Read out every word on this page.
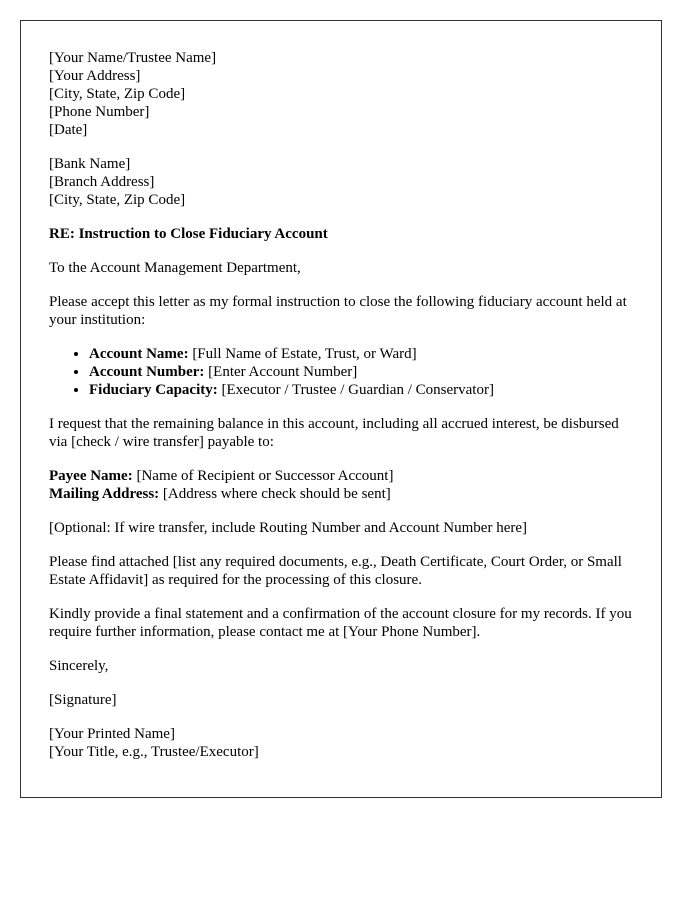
[Your Name/Trustee Name]
[Your Address]
[City, State, Zip Code]
[Phone Number]
[Date]

[Bank Name]
[Branch Address]
[City, State, Zip Code]

RE: Instruction to Close Fiduciary Account

To the Account Management Department,

Please accept this letter as my formal instruction to close the following fiduciary account held at your institution:

• Account Name: [Full Name of Estate, Trust, or Ward]
• Account Number: [Enter Account Number]
• Fiduciary Capacity: [Executor / Trustee / Guardian / Conservator]

I request that the remaining balance in this account, including all accrued interest, be disbursed via [check / wire transfer] payable to:

Payee Name: [Name of Recipient or Successor Account]
Mailing Address: [Address where check should be sent]

[Optional: If wire transfer, include Routing Number and Account Number here]

Please find attached [list any required documents, e.g., Death Certificate, Court Order, or Small Estate Affidavit] as required for the processing of this closure.

Kindly provide a final statement and a confirmation of the account closure for my records. If you require further information, please contact me at [Your Phone Number].

Sincerely,

[Signature]

[Your Printed Name]
[Your Title, e.g., Trustee/Executor]
